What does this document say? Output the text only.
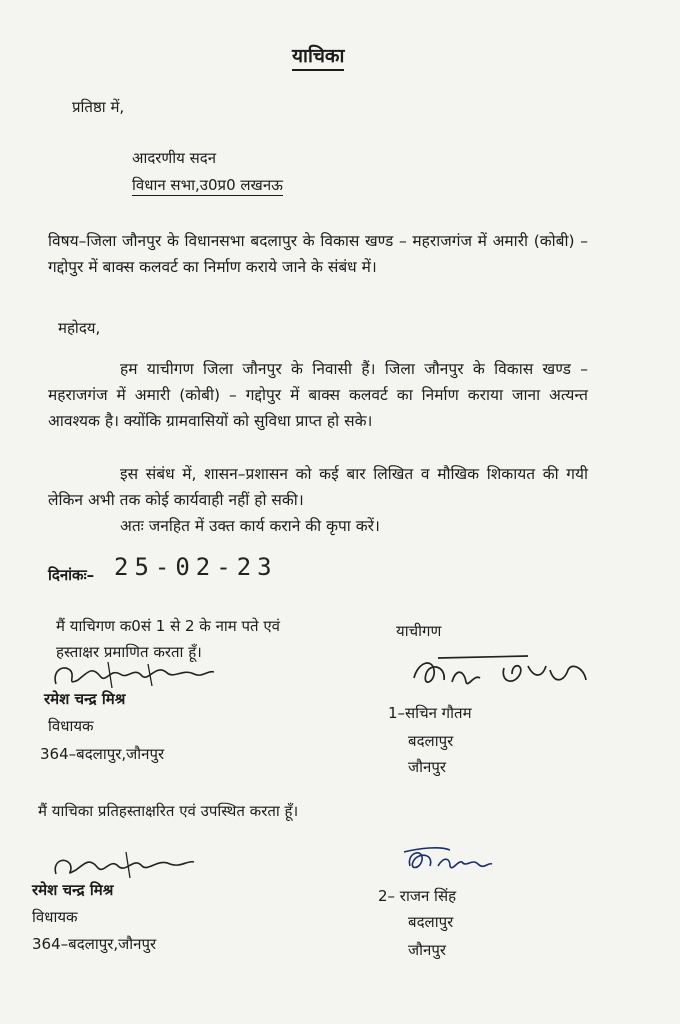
याचिका
प्रतिष्ठा में,
आदरणीय सदन
विधान सभा,उ0प्र0 लखनऊ
विषय–जिला जौनपुर के विधानसभा बदलापुर के विकास खण्ड – महराजगंज में अमारी (कोबी) – गद्दोपुर में बाक्स कलवर्ट का निर्माण कराये जाने के संबंध में।
महोदय,
हम याचीगण जिला जौनपुर के निवासी हैं। जिला जौनपुर के विकास खण्ड – महराजगंज में अमारी (कोबी) – गद्दोपुर में बाक्स कलवर्ट का निर्माण कराया जाना अत्यन्त आवश्यक है। क्योंकि ग्रामवासियों को सुविधा प्राप्त हो सके।
इस संबंध में, शासन–प्रशासन को कई बार लिखित व मौखिक शिकायत की गयी लेकिन अभी तक कोई कार्यवाही नहीं हो सकी।
अतः जनहित में उक्त कार्य कराने की कृपा करें।
दिनांकः– 25-02-23
मैं याचिगण क0सं 1 से 2 के नाम पते एवं हस्ताक्षर प्रमाणित करता हूँ।
रमेश चन्द्र मिश्र
विधायक
364–बदलापुर,जौनपुर
याचीगण
1–सचिन गौतम
बदलापुर
जौनपुर
मैं याचिका प्रतिहस्ताक्षरित एवं उपस्थित करता हूँ।
रमेश चन्द्र मिश्र
विधायक
364–बदलापुर,जौनपुर
2– राजन सिंह
बदलापुर
जौनपुर
